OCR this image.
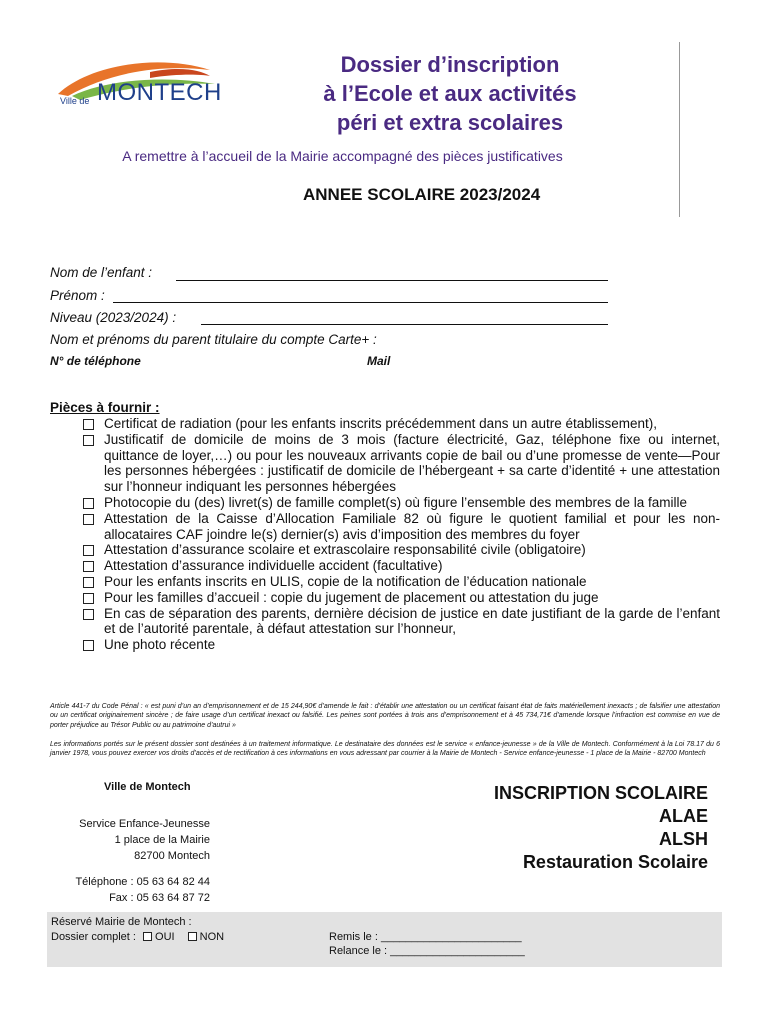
Ville de MONTECH
Dossier d’inscription
à l’Ecole et aux activités
péri et extra scolaires
A remettre à l’accueil de la Mairie accompagné des pièces justificatives
ANNEE SCOLAIRE 2023/2024
Nom de l’enfant :
Prénom :
Niveau (2023/2024) :
Nom et prénoms du parent titulaire du compte Carte+ :
N° de téléphone	Mail
Pièces à fournir :
Certificat de radiation (pour les enfants inscrits précédemment dans un autre établissement),
Justificatif de domicile de moins de 3 mois (facture électricité, Gaz, téléphone fixe ou internet, quittance de loyer,…) ou pour les nouveaux arrivants copie de bail ou d’une promesse de vente—Pour les personnes hébergées : justificatif de domicile de l’hébergeant + sa carte d’identité + une attestation sur l’honneur indiquant les personnes hébergées
Photocopie du (des) livret(s) de famille complet(s) où figure l’ensemble des membres de la famille
Attestation de la Caisse d’Allocation Familiale 82 où figure le quotient familial et pour les non-allocataires CAF joindre le(s) dernier(s) avis d’imposition des membres du foyer
Attestation d’assurance scolaire et extrascolaire responsabilité civile (obligatoire)
Attestation d’assurance individuelle accident (facultative)
Pour les enfants inscrits en ULIS, copie de la notification de l’éducation nationale
Pour les familles d’accueil : copie du jugement de placement ou attestation du juge
En cas de séparation des parents, dernière décision de justice en date justifiant de la garde de l’enfant et de l’autorité parentale, à défaut attestation sur l’honneur,
Une photo récente
Article 441-7 du Code Pénal : « est puni d’un an d’emprisonnement et de 15 244,90€ d’amende le fait : d’établir une attestation ou un certificat faisant état de faits matériellement inexacts ; de falsifier une attestation ou un certificat originairement sincère ; de faire usage d’un certificat inexact ou falsifié. Les peines sont portées à trois ans d’emprisonnement et à 45 734,71€ d’amende lorsque l’infraction est commise en vue de porter préjudice au Trésor Public ou au patrimoine d’autrui »
Les informations portés sur le présent dossier sont destinées à un traitement informatique. Le destinataire des données est le service « enfance-jeunesse » de la Ville de Montech. Conformément à la Loi 78.17 du 6 janvier 1978, vous pouvez exercer vos droits d’accès et de rectification à ces informations en vous adressant par courrier à la Mairie de Montech - Service enfance-jeunesse - 1 place de la Mairie - 82700 Montech
Ville de Montech
Service Enfance-Jeunesse
1 place de la Mairie
82700 Montech
Téléphone : 05 63 64 82 44
Fax : 05 63 64 87 72
INSCRIPTION SCOLAIRE
ALAE
ALSH
Restauration Scolaire
Réservé Mairie de Montech :
Dossier complet : OUI NON	Remis le : _______________________
Relance le : ______________________
